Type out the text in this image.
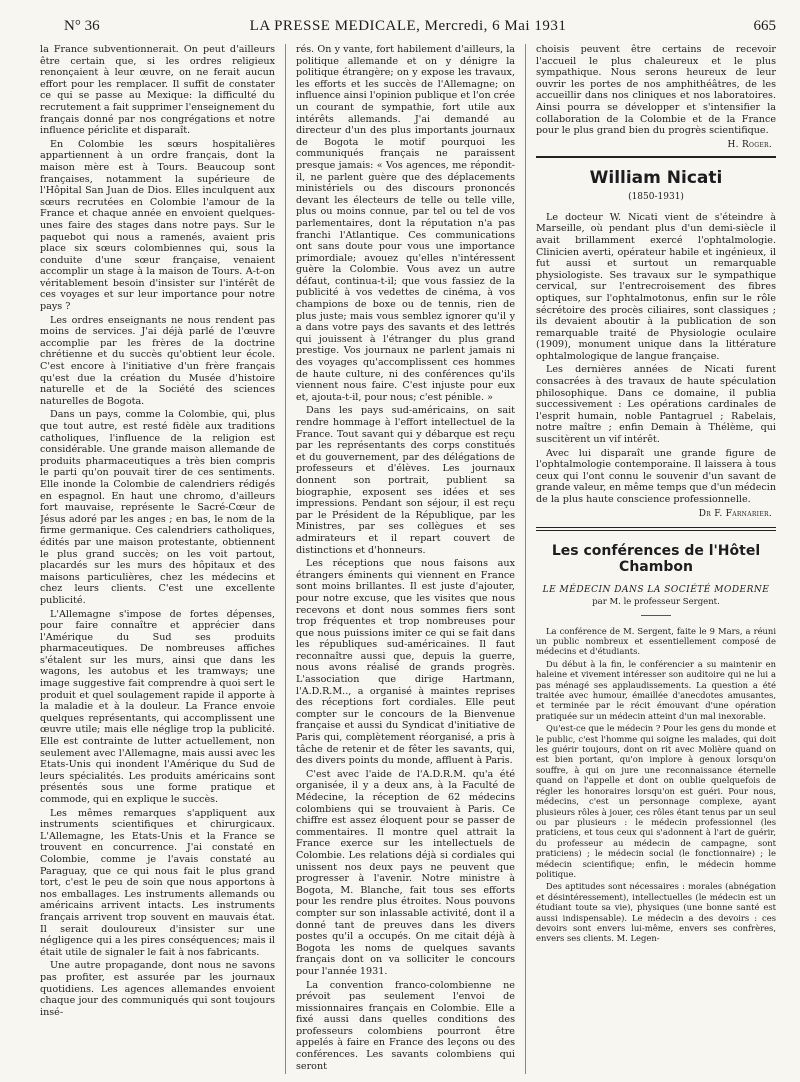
N° 36	LA PRESSE MEDICALE, Mercredi, 6 Mai 1931	665

la France subventionnerait. On peut d'ailleurs être certain que, si les ordres religieux renonçaient à leur œuvre, on ne ferait aucun effort pour les remplacer. Il suffit de constater ce qui se passe au Mexique: la difficulté du recrutement a fait supprimer l'enseignement du français donné par nos congrégations et notre influence périclite et disparaît.

En Colombie les sœurs hospitalières appartiennent à un ordre français, dont la maison mère est à Tours. Beaucoup sont françaises, notamment la supérieure de l'Hôpital San Juan de Dios. Elles inculquent aux sœurs recrutées en Colombie l'amour de la France et chaque année en envoient quelques-unes faire des stages dans notre pays. Sur le paquebot qui nous a ramenés, avaient pris place six sœurs colombiennes qui, sous la conduite d'une sœur française, venaient accomplir un stage à la maison de Tours. A-t-on véritablement besoin d'insister sur l'intérêt de ces voyages et sur leur importance pour notre pays ?

Les ordres enseignants ne nous rendent pas moins de services. J'ai déjà parlé de l'œuvre accomplie par les frères de la doctrine chrétienne et du succès qu'obtient leur école. C'est encore à l'initiative d'un frère français qu'est due la création du Musée d'histoire naturelle et de la Société des sciences naturelles de Bogota.

Dans un pays, comme la Colombie, qui, plus que tout autre, est resté fidèle aux traditions catholiques, l'influence de la religion est considérable. Une grande maison allemande de produits pharmaceutiques a très bien compris le parti qu'on pouvait tirer de ces sentiments. Elle inonde la Colombie de calendriers rédigés en espagnol. En haut une chromo, d'ailleurs fort mauvaise, représente le Sacré-Cœur de Jésus adoré par les anges ; en bas, le nom de la firme germanique. Ces calendriers catholiques, édités par une maison protestante, obtiennent le plus grand succès; on les voit partout, placardés sur les murs des hôpitaux et des maisons particulières, chez les médecins et chez leurs clients. C'est une excellente publicité.

L'Allemagne s'impose de fortes dépenses, pour faire connaître et apprécier dans l'Amérique du Sud ses produits pharmaceutiques. De nombreuses affiches s'étalent sur les murs, ainsi que dans les wagons, les autobus et les tramways; une image suggestive fait comprendre à quoi sert le produit et quel soulagement rapide il apporte à la maladie et à la douleur. La France envoie quelques représentants, qui accomplissent une œuvre utile; mais elle néglige trop la publicité. Elle est contrainte de lutter actuellement, non seulement avec l'Allemagne, mais aussi avec les Etats-Unis qui inondent l'Amérique du Sud de leurs spécialités. Les produits américains sont présentés sous une forme pratique et commode, qui en explique le succès.

Les mêmes remarques s'appliquent aux instruments scientifiques et chirurgicaux. L'Allemagne, les Etats-Unis et la France se trouvent en concurrence. J'ai constaté en Colombie, comme je l'avais constaté au Paraguay, que ce qui nous fait le plus grand tort, c'est le peu de soin que nous apportons à nos emballages. Les instruments allemands ou américains arrivent intacts. Les instruments français arrivent trop souvent en mauvais état. Il serait douloureux d'insister sur une négligence qui a les pires conséquences; mais il était utile de signaler le fait à nos fabricants.

Une autre propagande, dont nous ne savons pas profiter, est assurée par les journaux quotidiens. Les agences allemandes envoient chaque jour des communiqués qui sont toujours insé-

rés. On y vante, fort habilement d'ailleurs, la politique allemande et on y dénigre la politique étrangère; on y expose les travaux, les efforts et les succès de l'Allemagne; on influence ainsi l'opinion publique et l'on crée un courant de sympathie, fort utile aux intérêts allemands. J'ai demandé au directeur d'un des plus importants journaux de Bogota le motif pourquoi les communiqués français ne paraissent presque jamais: « Vos agences, me répondit-il, ne parlent guère que des déplacements ministériels ou des discours prononcés devant les électeurs de telle ou telle ville, plus ou moins connue, par tel ou tel de vos parlementaires, dont la réputation n'a pas franchi l'Atlantique. Ces communications ont sans doute pour vous une importance primordiale; avouez qu'elles n'intéressent guère la Colombie. Vous avez un autre défaut, continua-t-il; que vous fassiez de la publicité à vos vedettes de cinéma, à vos champions de boxe ou de tennis, rien de plus juste; mais vous semblez ignorer qu'il y a dans votre pays des savants et des lettrés qui jouissent à l'étranger du plus grand prestige. Vos journaux ne parlent jamais ni des voyages qu'accomplissent ces hommes de haute culture, ni des conférences qu'ils viennent nous faire. C'est injuste pour eux et, ajouta-t-il, pour nous; c'est pénible. »

Dans les pays sud-américains, on sait rendre hommage à l'effort intellectuel de la France. Tout savant qui y débarque est reçu par les représentants des corps constitués et du gouvernement, par des délégations de professeurs et d'élèves. Les journaux donnent son portrait, publient sa biographie, exposent ses idées et ses impressions. Pendant son séjour, il est reçu par le Président de la République, par les Ministres, par ses collègues et ses admirateurs et il repart couvert de distinctions et d'honneurs.

Les réceptions que nous faisons aux étrangers éminents qui viennent en France sont moins brillantes. Il est juste d'ajouter, pour notre excuse, que les visites que nous recevons et dont nous sommes fiers sont trop fréquentes et trop nombreuses pour que nous puissions imiter ce qui se fait dans les républiques sud-américaines. Il faut reconnaître aussi que, depuis la guerre, nous avons réalisé de grands progrès. L'association que dirige Hartmann, l'A.D.R.M.., a organisé à maintes reprises des réceptions fort cordiales. Elle peut compter sur le concours de la Bienvenue française et aussi du Syndicat d'initiative de Paris qui, complètement réorganisé, a pris à tâche de retenir et de fêter les savants, qui, des divers points du monde, affluent à Paris.

C'est avec l'aide de l'A.D.R.M. qu'a été organisée, il y a deux ans, à la Faculté de Médecine, la réception de 62 médecins colombiens qui se trouvaient à Paris. Ce chiffre est assez éloquent pour se passer de commentaires. Il montre quel attrait la France exerce sur les intellectuels de Colombie. Les relations déjà si cordiales qui unissent nos deux pays ne peuvent que progresser à l'avenir. Notre ministre à Bogota, M. Blanche, fait tous ses efforts pour les rendre plus étroites. Nous pouvons compter sur son inlassable activité, dont il a donné tant de preuves dans les divers postes qu'il a occupés. On me citait déjà à Bogota les noms de quelques savants français dont on va solliciter le concours pour l'année 1931.

La convention franco-colombienne ne prévoit pas seulement l'envoi de missionnaires français en Colombie. Elle a fixé aussi dans quelles conditions des professeurs colombiens pourront être appelés à faire en France des leçons ou des conférences. Les savants colombiens qui seront

choisis peuvent être certains de recevoir l'accueil le plus chaleureux et le plus sympathique. Nous serons heureux de leur ouvrir les portes de nos amphithéâtres, de les accueillir dans nos cliniques et nos laboratoires. Ainsi pourra se développer et s'intensifier la collaboration de la Colombie et de la France pour le plus grand bien du progrès scientifique.

H. Roger.
William Nicati
(1850-1931)

Le docteur W. Nicati vient de s'éteindre à Marseille, où pendant plus d'un demi-siècle il avait brillamment exercé l'ophtalmologie. Clinicien averti, opérateur habile et ingénieux, il fut aussi et surtout un remarquable physiologiste. Ses travaux sur le sympathique cervical, sur l'entrecroisement des fibres optiques, sur l'ophtalmotonus, enfin sur le rôle sécrétoire des procès ciliaires, sont classiques ; ils devaient aboutir à la publication de son remarquable traité de Physiologie oculaire (1909), monument unique dans la littérature ophtalmologique de langue française.

Les dernières années de Nicati furent consacrées à des travaux de haute spéculation philosophique. Dans ce domaine, il publia successivement : Les opérations cardinales de l'esprit humain, noble Pantagruel ; Rabelais, notre maître ; enfin Demain à Thélème, qui suscitèrent un vif intérêt.

Avec lui disparaît une grande figure de l'ophtalmologie contemporaine. Il laissera à tous ceux qui l'ont connu le souvenir d'un savant de grande valeur, en même temps que d'un médecin de la plus haute conscience professionnelle.

Dr F. Farnarier.
Les conférences de l'Hôtel Chambon
LE MÉDECIN DANS LA SOCIÉTÉ MODERNE
par M. le professeur Sergent.

La conférence de M. Sergent, faite le 9 Mars, a réuni un public nombreux et essentiellement composé de médecins et d'étudiants.

Du début à la fin, le conférencier a su maintenir en haleine et vivement intéresser son auditoire qui ne lui a pas ménagé ses applaudissements. La question a été traitée avec humour, émaillée d'anecdotes amusantes, et terminée par le récit émouvant d'une opération pratiquée sur un médecin atteint d'un mal inexorable.

Qu'est-ce que le médecin ? Pour les gens du monde et le public, c'est l'homme qui soigne les malades, qui doit les guérir toujours, dont on rit avec Molière quand on est bien portant, qu'on implore à genoux lorsqu'on souffre, à qui on jure une reconnaissance éternelle quand on l'appelle et dont on oublie quelquefois de régler les honoraires lorsqu'on est guéri. Pour nous, médecins, c'est un personnage complexe, ayant plusieurs rôles à jouer, ces rôles étant tenus par un seul ou par plusieurs : le médecin professionnel (les praticiens, et tous ceux qui s'adonnent à l'art de guérir, du professeur au médecin de campagne, sont praticiens) ; le médecin social (le fonctionnaire) ; le médecin scientifique; enfin, le médecin homme politique.

Des aptitudes sont nécessaires : morales (abnégation et désintéressement), intellectuelles (le médecin est un étudiant toute sa vie), physiques (une bonne santé est aussi indispensable). Le médecin a des devoirs : ces devoirs sont envers lui-même, envers ses confrères, envers ses clients. M. Legen-
